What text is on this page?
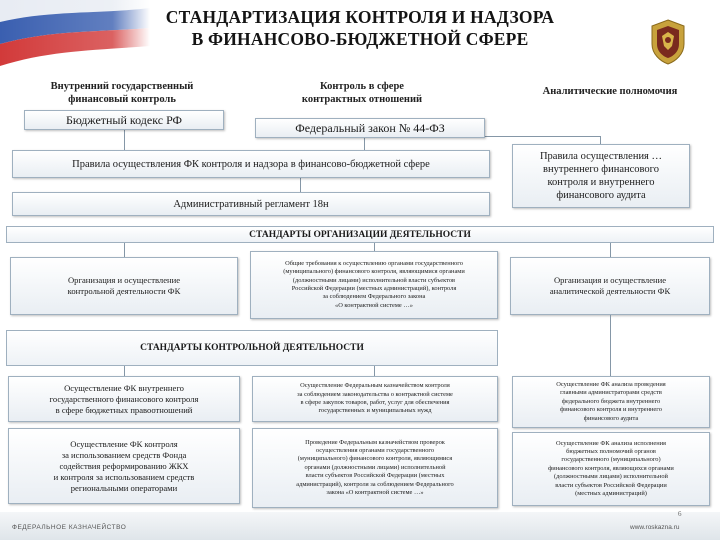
СТАНДАРТИЗАЦИЯ КОНТРОЛЯ И НАДЗОРА
В ФИНАНСОВО-БЮДЖЕТНОЙ СФЕРЕ
Внутренний государственный
финансовый контроль
Контроль в сфере
контрактных отношений
Аналитические полномочия
Бюджетный кодекс РФ
Федеральный закон № 44-ФЗ
Правила осуществления ФК контроля и надзора в финансово-бюджетной сфере
Административный регламент 18н
Правила осуществления …
внутреннего финансового
контроля и внутреннего
финансового аудита
СТАНДАРТЫ ОРГАНИЗАЦИИ ДЕЯТЕЛЬНОСТИ
Организация и осуществление
контрольной деятельности ФК
Общие требования к осуществлению органами государственного
(муниципального) финансового контроля, являющимися органами
(должностными лицами) исполнительной власти субъектов
Российской Федерации (местных администраций), контроля
за соблюдением Федерального закона
«О контрактной системе …»
Организация и осуществление
аналитической деятельности ФК
СТАНДАРТЫ КОНТРОЛЬНОЙ ДЕЯТЕЛЬНОСТИ
Осуществление ФК внутреннего
государственного финансового контроля
в сфере бюджетных правоотношений
Осуществление ФК контроля
за использованием средств Фонда
содействия реформированию ЖКХ
и контроля за использованием средств
региональными операторами
Осуществление Федеральным казначейством контроля
за соблюдением законодательства о контрактной системе
в сфере закупок товаров, работ, услуг для обеспечения
государственных и муниципальных нужд
Проведение Федеральным казначейством проверок
осуществления органами государственного
(муниципального) финансового контроля, являющимися
органами (должностными лицами) исполнительной
власти субъектов Российской Федерации (местных
администраций), контроля за соблюдением Федерального
закона «О контрактной системе …»
Осуществление ФК анализа проведения
главными администраторами средств
федерального бюджета внутреннего
финансового контроля и внутреннего
финансового аудита
Осуществление ФК анализа исполнения
бюджетных полномочий органов
государственного (муниципального)
финансового контроля, являющихся органами
(должностными лицами) исполнительной
власти субъектов Российской Федерации
(местных администраций)
ФЕДЕРАЛЬНОЕ КАЗНАЧЕЙСТВО	www.roskazna.ru
6
